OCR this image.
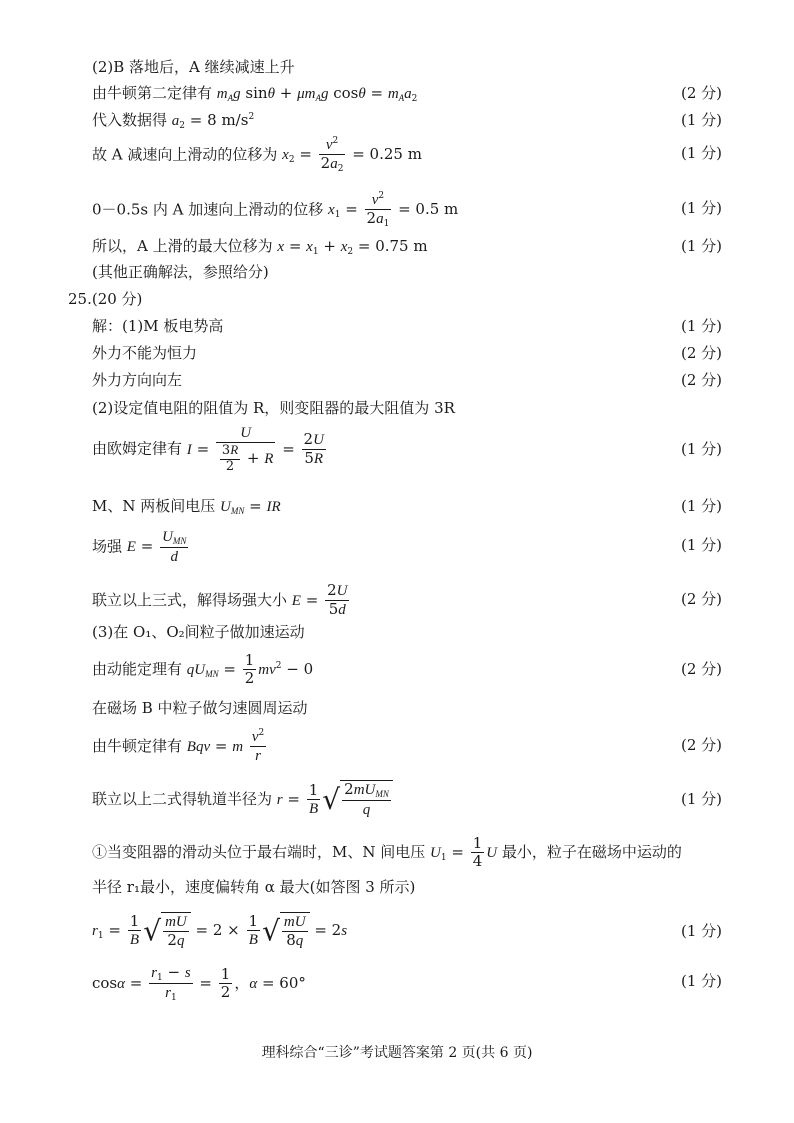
(2)B 落地后，A 继续减速上升
由牛顿第二定律有 $m_Ag$ $\sin\theta + \mu m_Ag$ $\cos\theta = m_Aa_2$	(2 分)
代入数据得 $a_2 = 8$ $m/s^2$	(1 分)
故 A 减速向上滑动的位移为 $x_2 = \frac{v^2}{2a_2} = 0.25$ m	(1 分)
0－0.5s 内 A 加速向上滑动的位移 $x_1 = \frac{v^2}{2a_1} = 0.5$ m	(1 分)
所以，A 上滑的最大位移为 $x = x_1 + x_2 = 0.75$ m	(1 分)
(其他正确解法，参照给分)
25.(20 分)
解：(1)M 板电势高	(1 分)
外力不能为恒力	(2 分)
外力方向向左	(2 分)
(2)设定值电阻的阻值为 R，则变阻器的最大阻值为 3R
由欧姆定律有 $I = \frac{U}{\frac{3R}{2} + R} = \frac{2U}{5R}$	(1 分)
M、N 两板间电压 $U_{MN}$ = IR	(1 分)
场强 $E = \frac{U_{MN}}{d}$	(1 分)
联立以上三式，解得场强大小 $E = \frac{2U}{5d}$	(2 分)
(3)在 O₁、O₂间粒子做加速运动
由动能定理有 $qU_{MN} = \frac{1}{2} mv^2 - 0$	(2 分)
在磁场 B 中粒子做匀速圆周运动
由牛顿定律有 Bqv = m $\frac{v^2}{r}$	(2 分)
联立以上二式得轨道半径为 $r = \frac{1}{B}$ √ $\frac{2mU_{MN}}{q}$	(1 分)
①当变阻器的滑动头位于最右端时，M、N 间电压 $U_1 = \frac{1}{4}$ U 最小，粒子在磁场中运动的
半径 r₁最小，速度偏转角 α 最大(如答图 3 所示)
$r_1 = \frac{1}{B}$ √ $\frac{mU}{2q} = 2 \times \frac{1}{B}$ √ $\frac{mU}{8q} = 2s$	(1 分)
$\cos\alpha = \frac{r_1 - s}{r_1} = \frac{1}{2}$ ，α = 60°	(1 分)
理科综合“三诊”考试题答案第 2 页(共 6 页)
